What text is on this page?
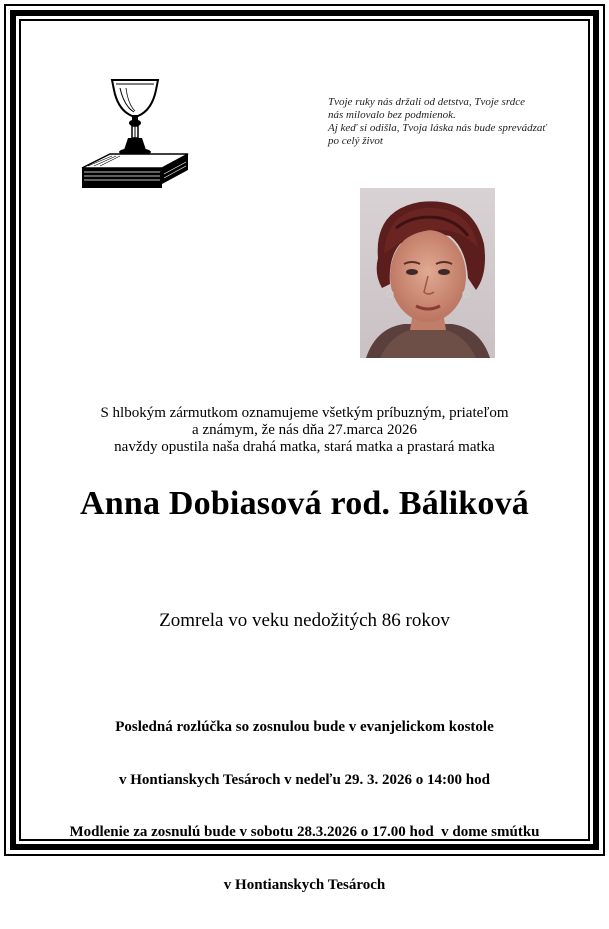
Tvoje ruky nás držali od detstva, Tvoje srdce
nás milovalo bez podmienok.
Aj keď si odišla, Tvoja láska nás bude sprevádzať
po celý život
S hlbokým zármutkom oznamujeme všetkým príbuzným, priateľom
a známym, že nás dňa 27.marca 2026
navždy opustila naša drahá matka, stará matka a prastará matka
Anna Dobiasová rod. Báliková
Zomrela vo veku nedožitých 86 rokov

Posledná rozlúčka so zosnulou bude v evanjelickom kostole

v Hontianskych Tesároch v nedeľu 29. 3. 2026 o 14:00 hod

Modlenie za zosnulú bude v sobotu 28.3.2026 o 17.00 hod  v dome smútku

v Hontianskych Tesároch
